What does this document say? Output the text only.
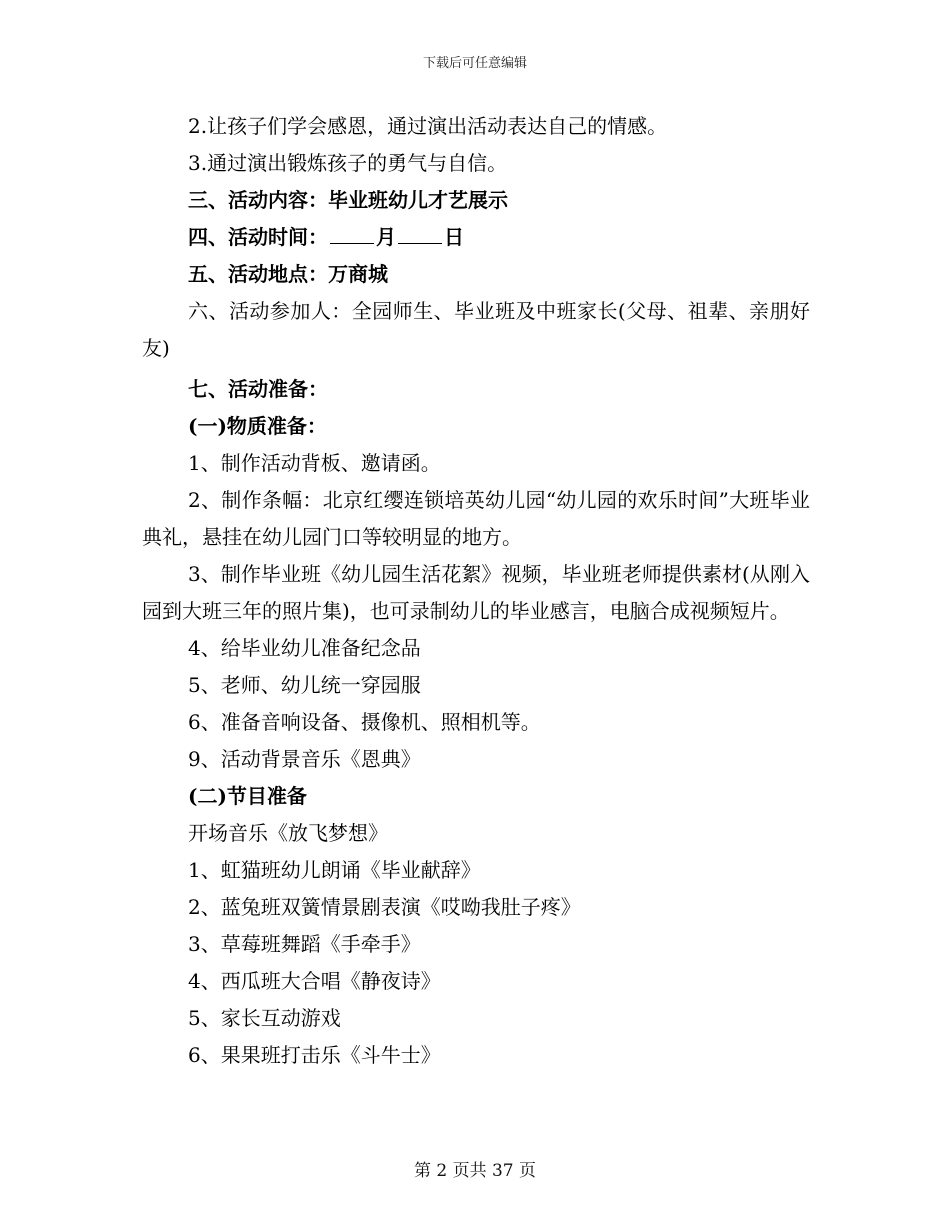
下载后可任意编辑
2.让孩子们学会感恩，通过演出活动表达自己的情感。
3.通过演出锻炼孩子的勇气与自信。
三、活动内容：毕业班幼儿才艺展示
四、活动时间： 月 日
五、活动地点：万商城
六、活动参加人：全园师生、毕业班及中班家长(父母、祖辈、亲朋好友)
七、活动准备：
(一)物质准备：
1、制作活动背板、邀请函。
2、制作条幅：北京红缨连锁培英幼儿园“幼儿园的欢乐时间”大班毕业典礼，悬挂在幼儿园门口等较明显的地方。
3、制作毕业班《幼儿园生活花絮》视频，毕业班老师提供素材(从刚入园到大班三年的照片集)，也可录制幼儿的毕业感言，电脑合成视频短片。
4、给毕业幼儿准备纪念品
5、老师、幼儿统一穿园服
6、准备音响设备、摄像机、照相机等。
9、活动背景音乐《恩典》
(二)节目准备
开场音乐《放飞梦想》
1、虹猫班幼儿朗诵《毕业献辞》
2、蓝兔班双簧情景剧表演《哎呦我肚子疼》
3、草莓班舞蹈《手牵手》
4、西瓜班大合唱《静夜诗》
5、家长互动游戏
6、果果班打击乐《斗牛士》
第 2 页共 37 页
